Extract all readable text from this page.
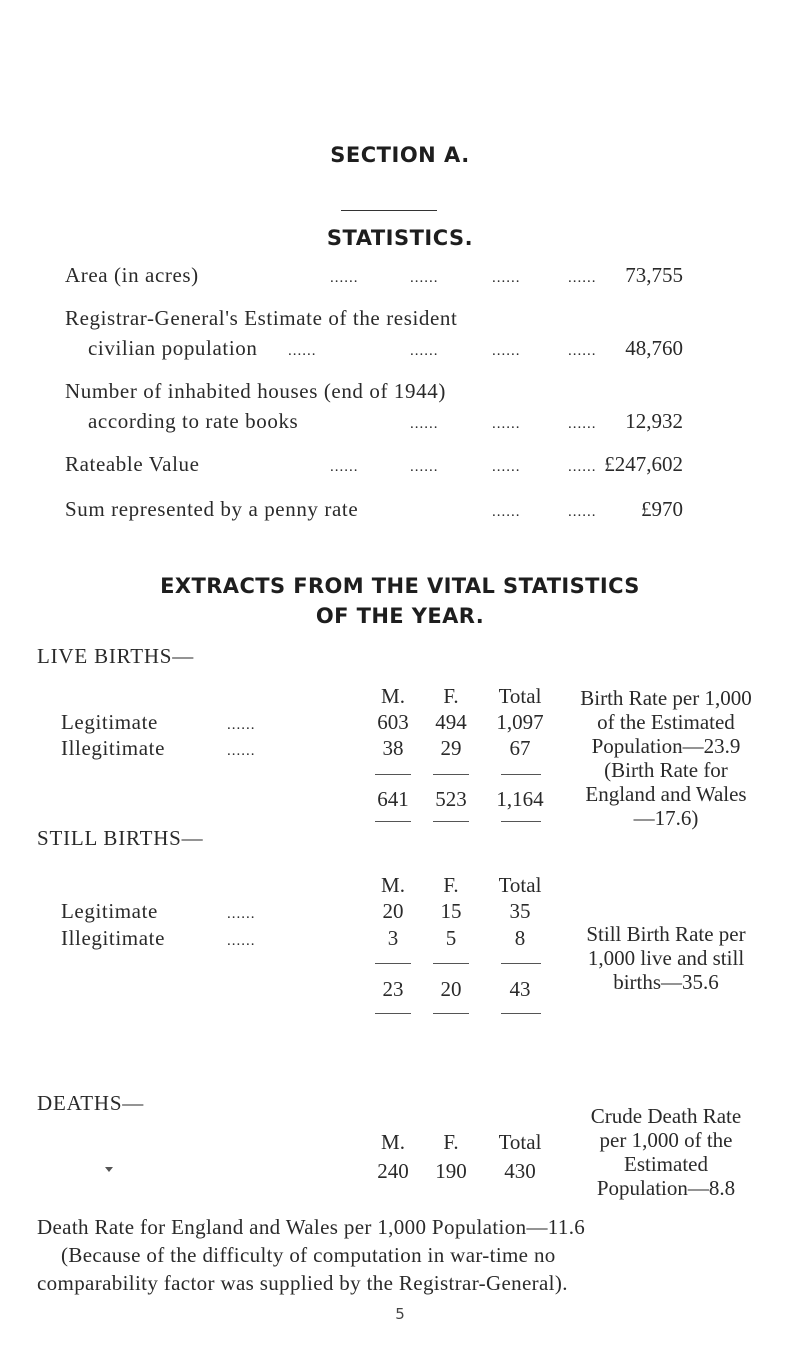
SECTION A.
STATISTICS.
Area (in acres)	......	......	......	......	73,755
Registrar-General's Estimate of the resident
civilian population ......	......	......	......	48,760
Number of inhabited houses (end of 1944)
according to rate books	......	......	......	12,932
Rateable Value	......	......	......	...... £247,602
Sum represented by a penny rate	......	......	£970
EXTRACTS FROM THE VITAL STATISTICS
OF THE YEAR.
LIVE BIRTHS—
M.	F.	Total
Legitimate	......	603	494	1,097
Illegitimate	......	38	29	67
641	523	1,164
Birth Rate per 1,000
of the Estimated
Population—23.9
(Birth Rate for
England and Wales
—17.6)
STILL BIRTHS—
M.	F.	Total
Legitimate	......	20	15	35
Illegitimate	......	3	5	8
23	20	43
Still Birth Rate per
1,000 live and still
births—35.6
DEATHS—
M.	F.	Total
240	190	430
Crude Death Rate
per 1,000 of the
Estimated
Population—8.8
Death Rate for England and Wales per 1,000 Population—11.6
(Because of the difficulty of computation in war-time no
comparability factor was supplied by the Registrar-General).
5
